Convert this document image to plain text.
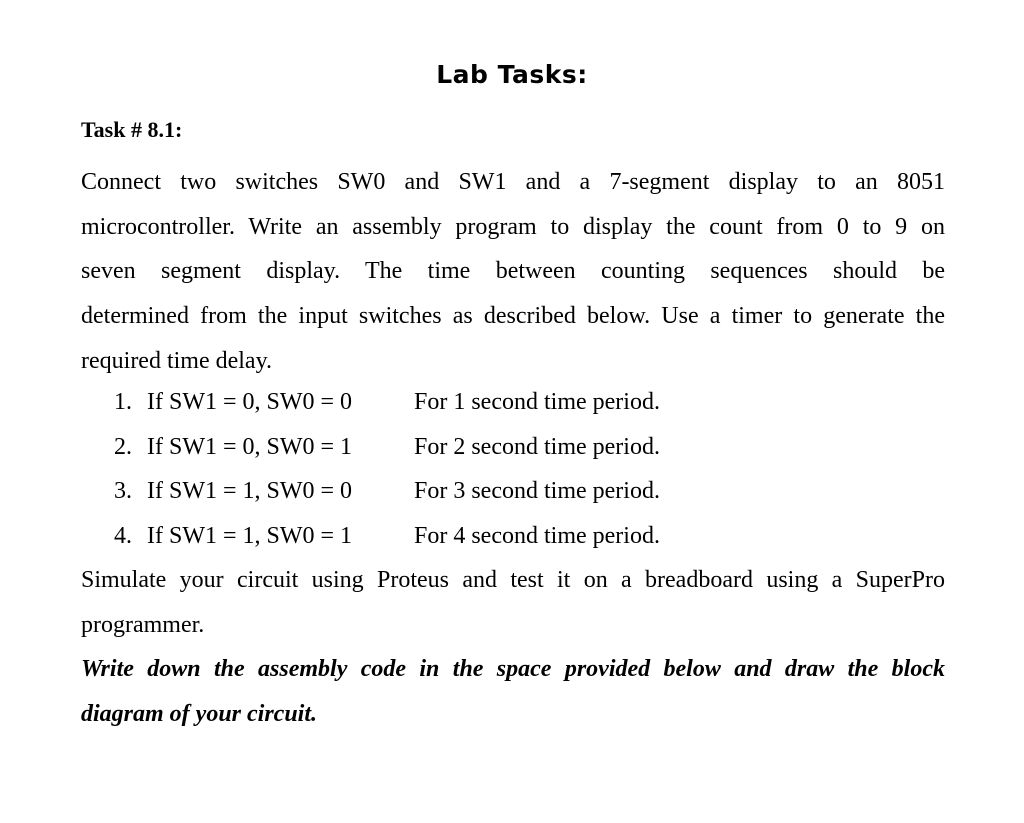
Lab Tasks:
Task # 8.1:
Connect two switches SW0 and SW1 and a 7-segment display to an 8051
microcontroller. Write an assembly program to display the count from 0 to 9 on
seven segment display. The time between counting sequences should be
determined from the input switches as described below. Use a timer to generate the
required time delay.
1. If SW1 = 0, SW0 = 0	For 1 second time period.
2. If SW1 = 0, SW0 = 1	For 2 second time period.
3. If SW1 = 1, SW0 = 0	For 3 second time period.
4. If SW1 = 1, SW0 = 1	For 4 second time period.
Simulate your circuit using Proteus and test it on a breadboard using a SuperPro
programmer.
Write down the assembly code in the space provided below and draw the block
diagram of your circuit.
